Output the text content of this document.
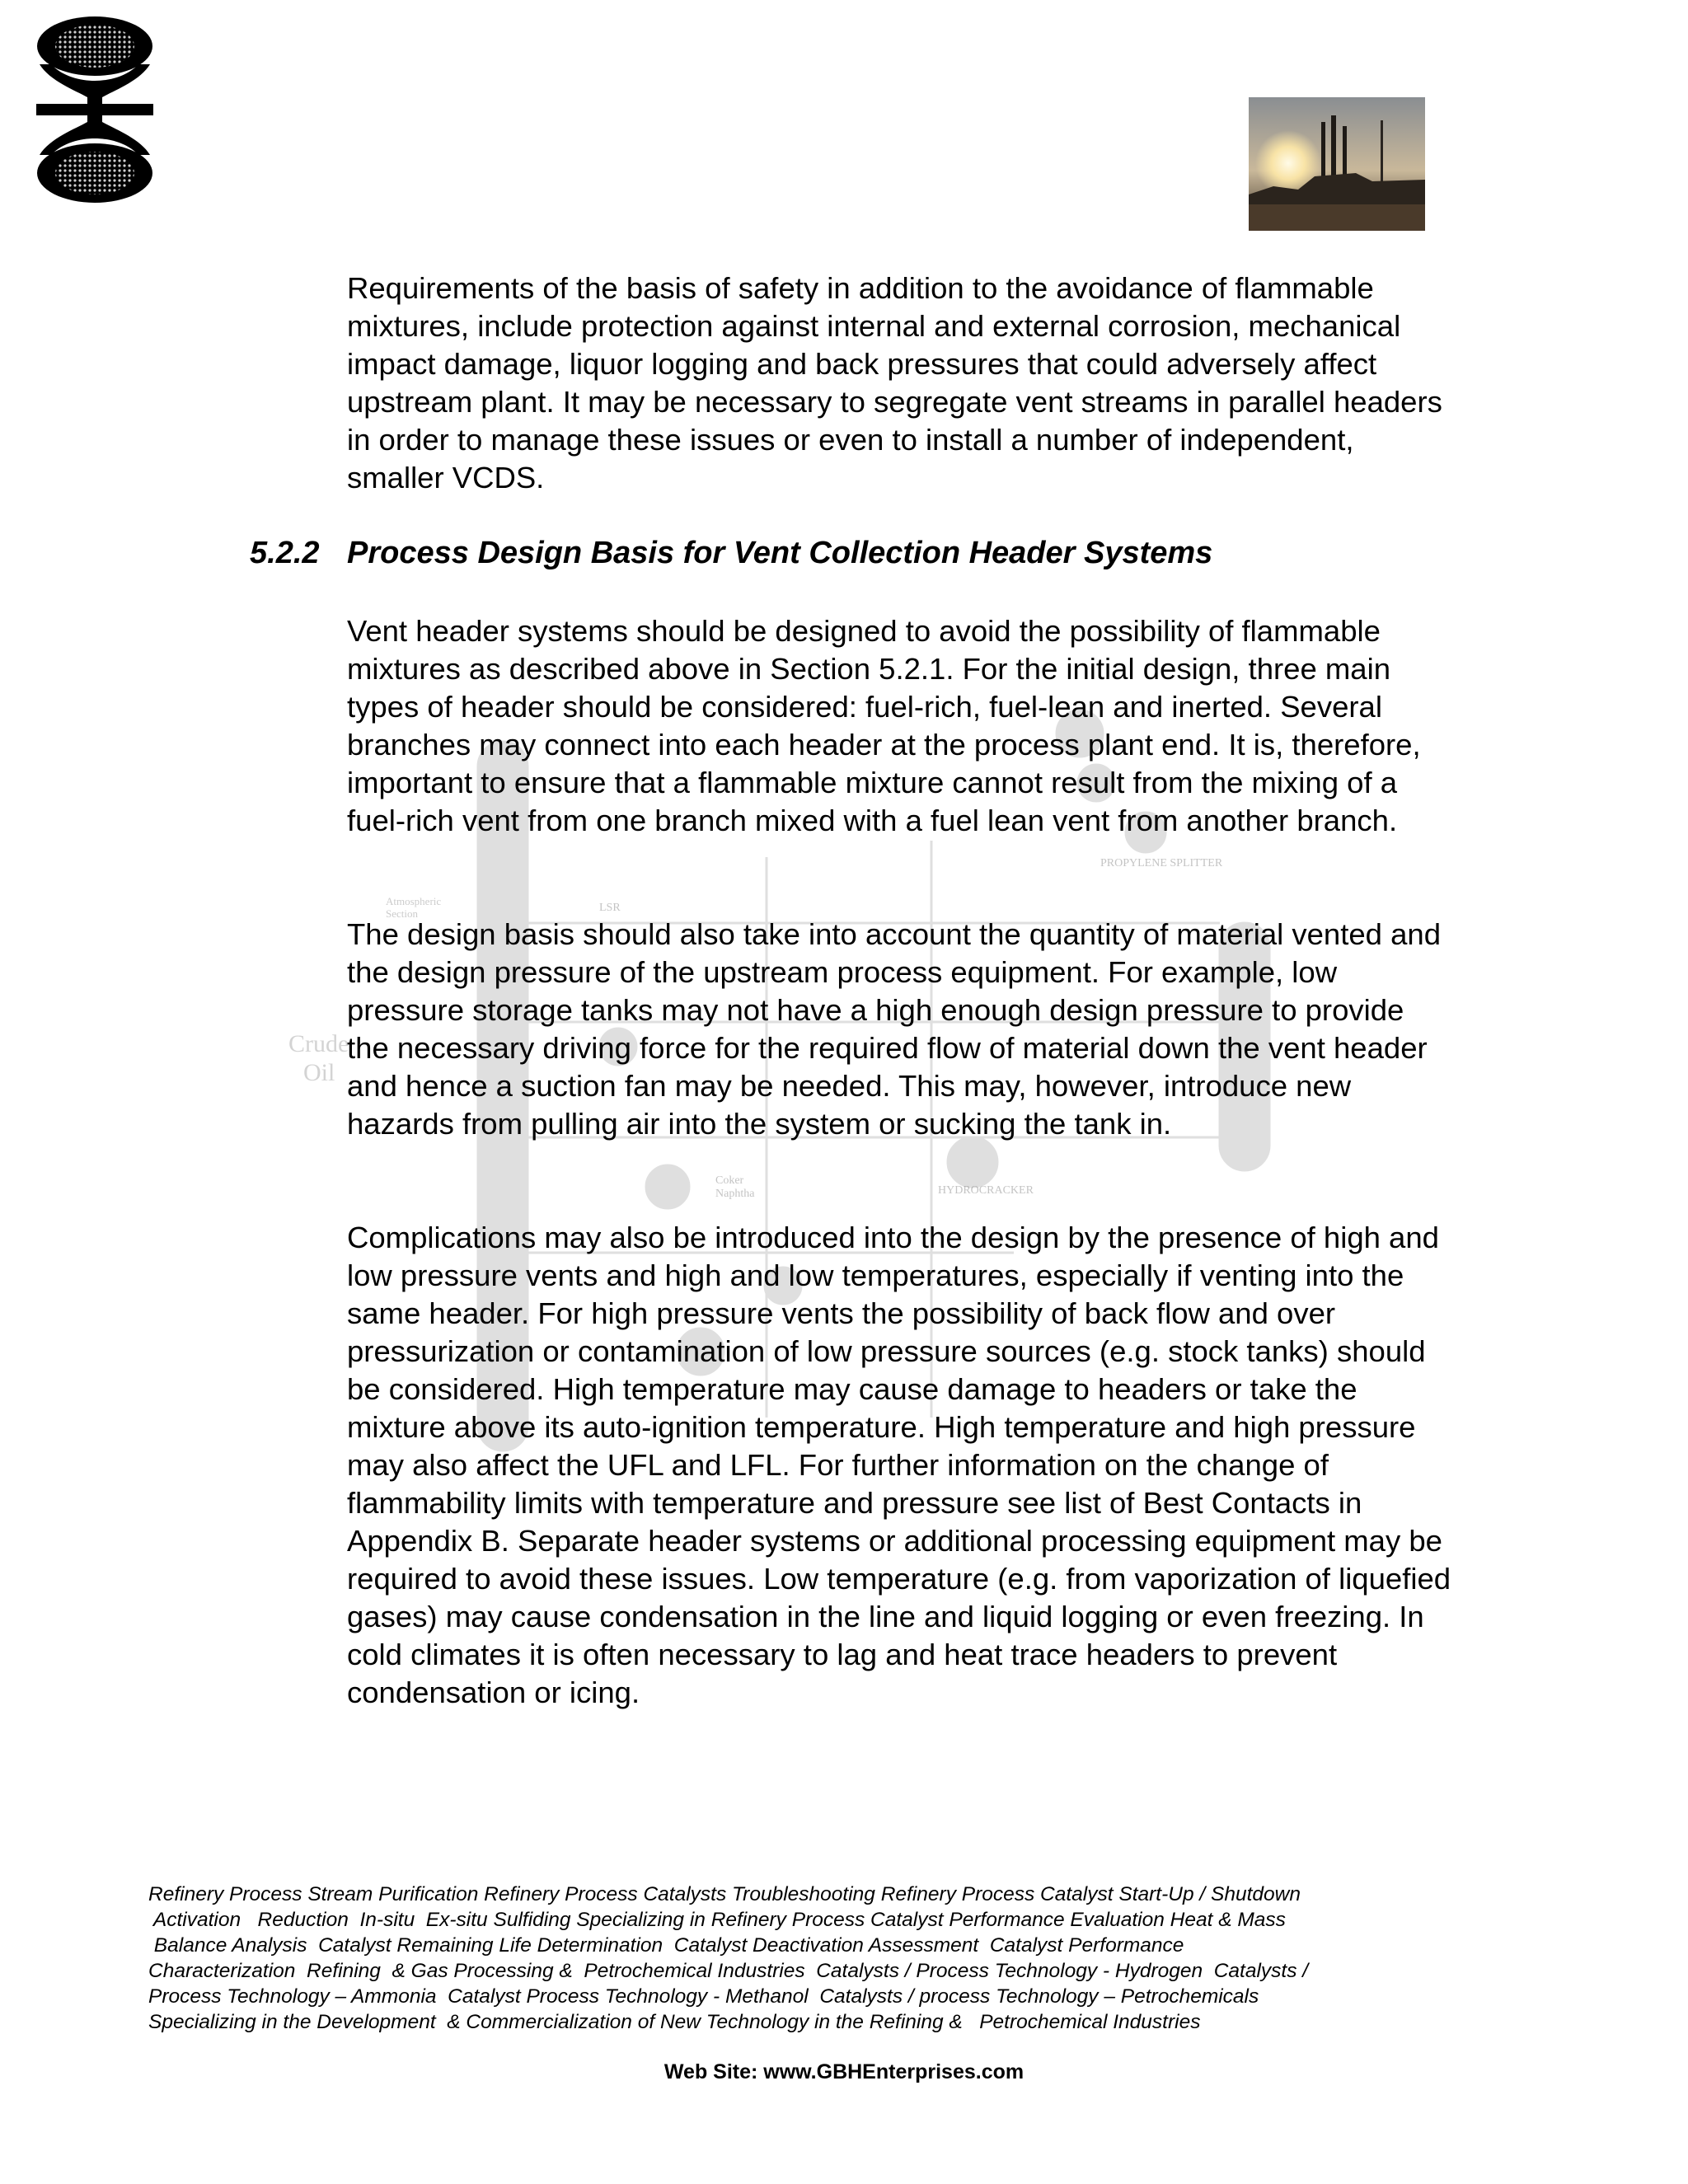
Crude
Oil
PROPYLENE SPLITTER
HYDROCRACKER
Coker Naphtha
LSR
Atmospheric Section

Requirements of the basis of safety in addition to the avoidance of flammable mixtures, include protection against internal and external corrosion, mechanical impact damage, liquor logging and back pressures that could adversely affect upstream plant. It may be necessary to segregate vent streams in parallel headers in order to manage these issues or even to install a number of independent, smaller VCDS.

5.2.2 Process Design Basis for Vent Collection Header Systems

Vent header systems should be designed to avoid the possibility of flammable mixtures as described above in Section 5.2.1. For the initial design, three main types of header should be considered: fuel-rich, fuel-lean and inerted. Several branches may connect into each header at the process plant end. It is, therefore, important to ensure that a flammable mixture cannot result from the mixing of a fuel-rich vent from one branch mixed with a fuel lean vent from another branch.

The design basis should also take into account the quantity of material vented and the design pressure of the upstream process equipment. For example, low pressure storage tanks may not have a high enough design pressure to provide the necessary driving force for the required flow of material down the vent header and hence a suction fan may be needed. This may, however, introduce new hazards from pulling air into the system or sucking the tank in.

Complications may also be introduced into the design by the presence of high and low pressure vents and high and low temperatures, especially if venting into the same header. For high pressure vents the possibility of back flow and over pressurization or contamination of low pressure sources (e.g. stock tanks) should be considered. High temperature may cause damage to headers or take the mixture above its auto-ignition temperature. High temperature and high pressure may also affect the UFL and LFL. For further information on the change of flammability limits with temperature and pressure see list of Best Contacts in Appendix B. Separate header systems or additional processing equipment may be required to avoid these issues. Low temperature (e.g. from vaporization of liquefied gases) may cause condensation in the line and liquid logging or even freezing. In cold climates it is often necessary to lag and heat trace headers to prevent condensation or icing.

Refinery Process Stream Purification Refinery Process Catalysts Troubleshooting Refinery Process Catalyst Start-Up / Shutdown
Activation   Reduction  In-situ  Ex-situ Sulfiding Specializing in Refinery Process Catalyst Performance Evaluation Heat & Mass
Balance Analysis  Catalyst Remaining Life Determination  Catalyst Deactivation Assessment  Catalyst Performance
Characterization  Refining  & Gas Processing &  Petrochemical Industries  Catalysts / Process Technology - Hydrogen  Catalysts /
Process Technology – Ammonia  Catalyst Process Technology - Methanol  Catalysts / process Technology – Petrochemicals
Specializing in the Development  & Commercialization of New Technology in the Refining &   Petrochemical Industries

Web Site: www.GBHEnterprises.com
